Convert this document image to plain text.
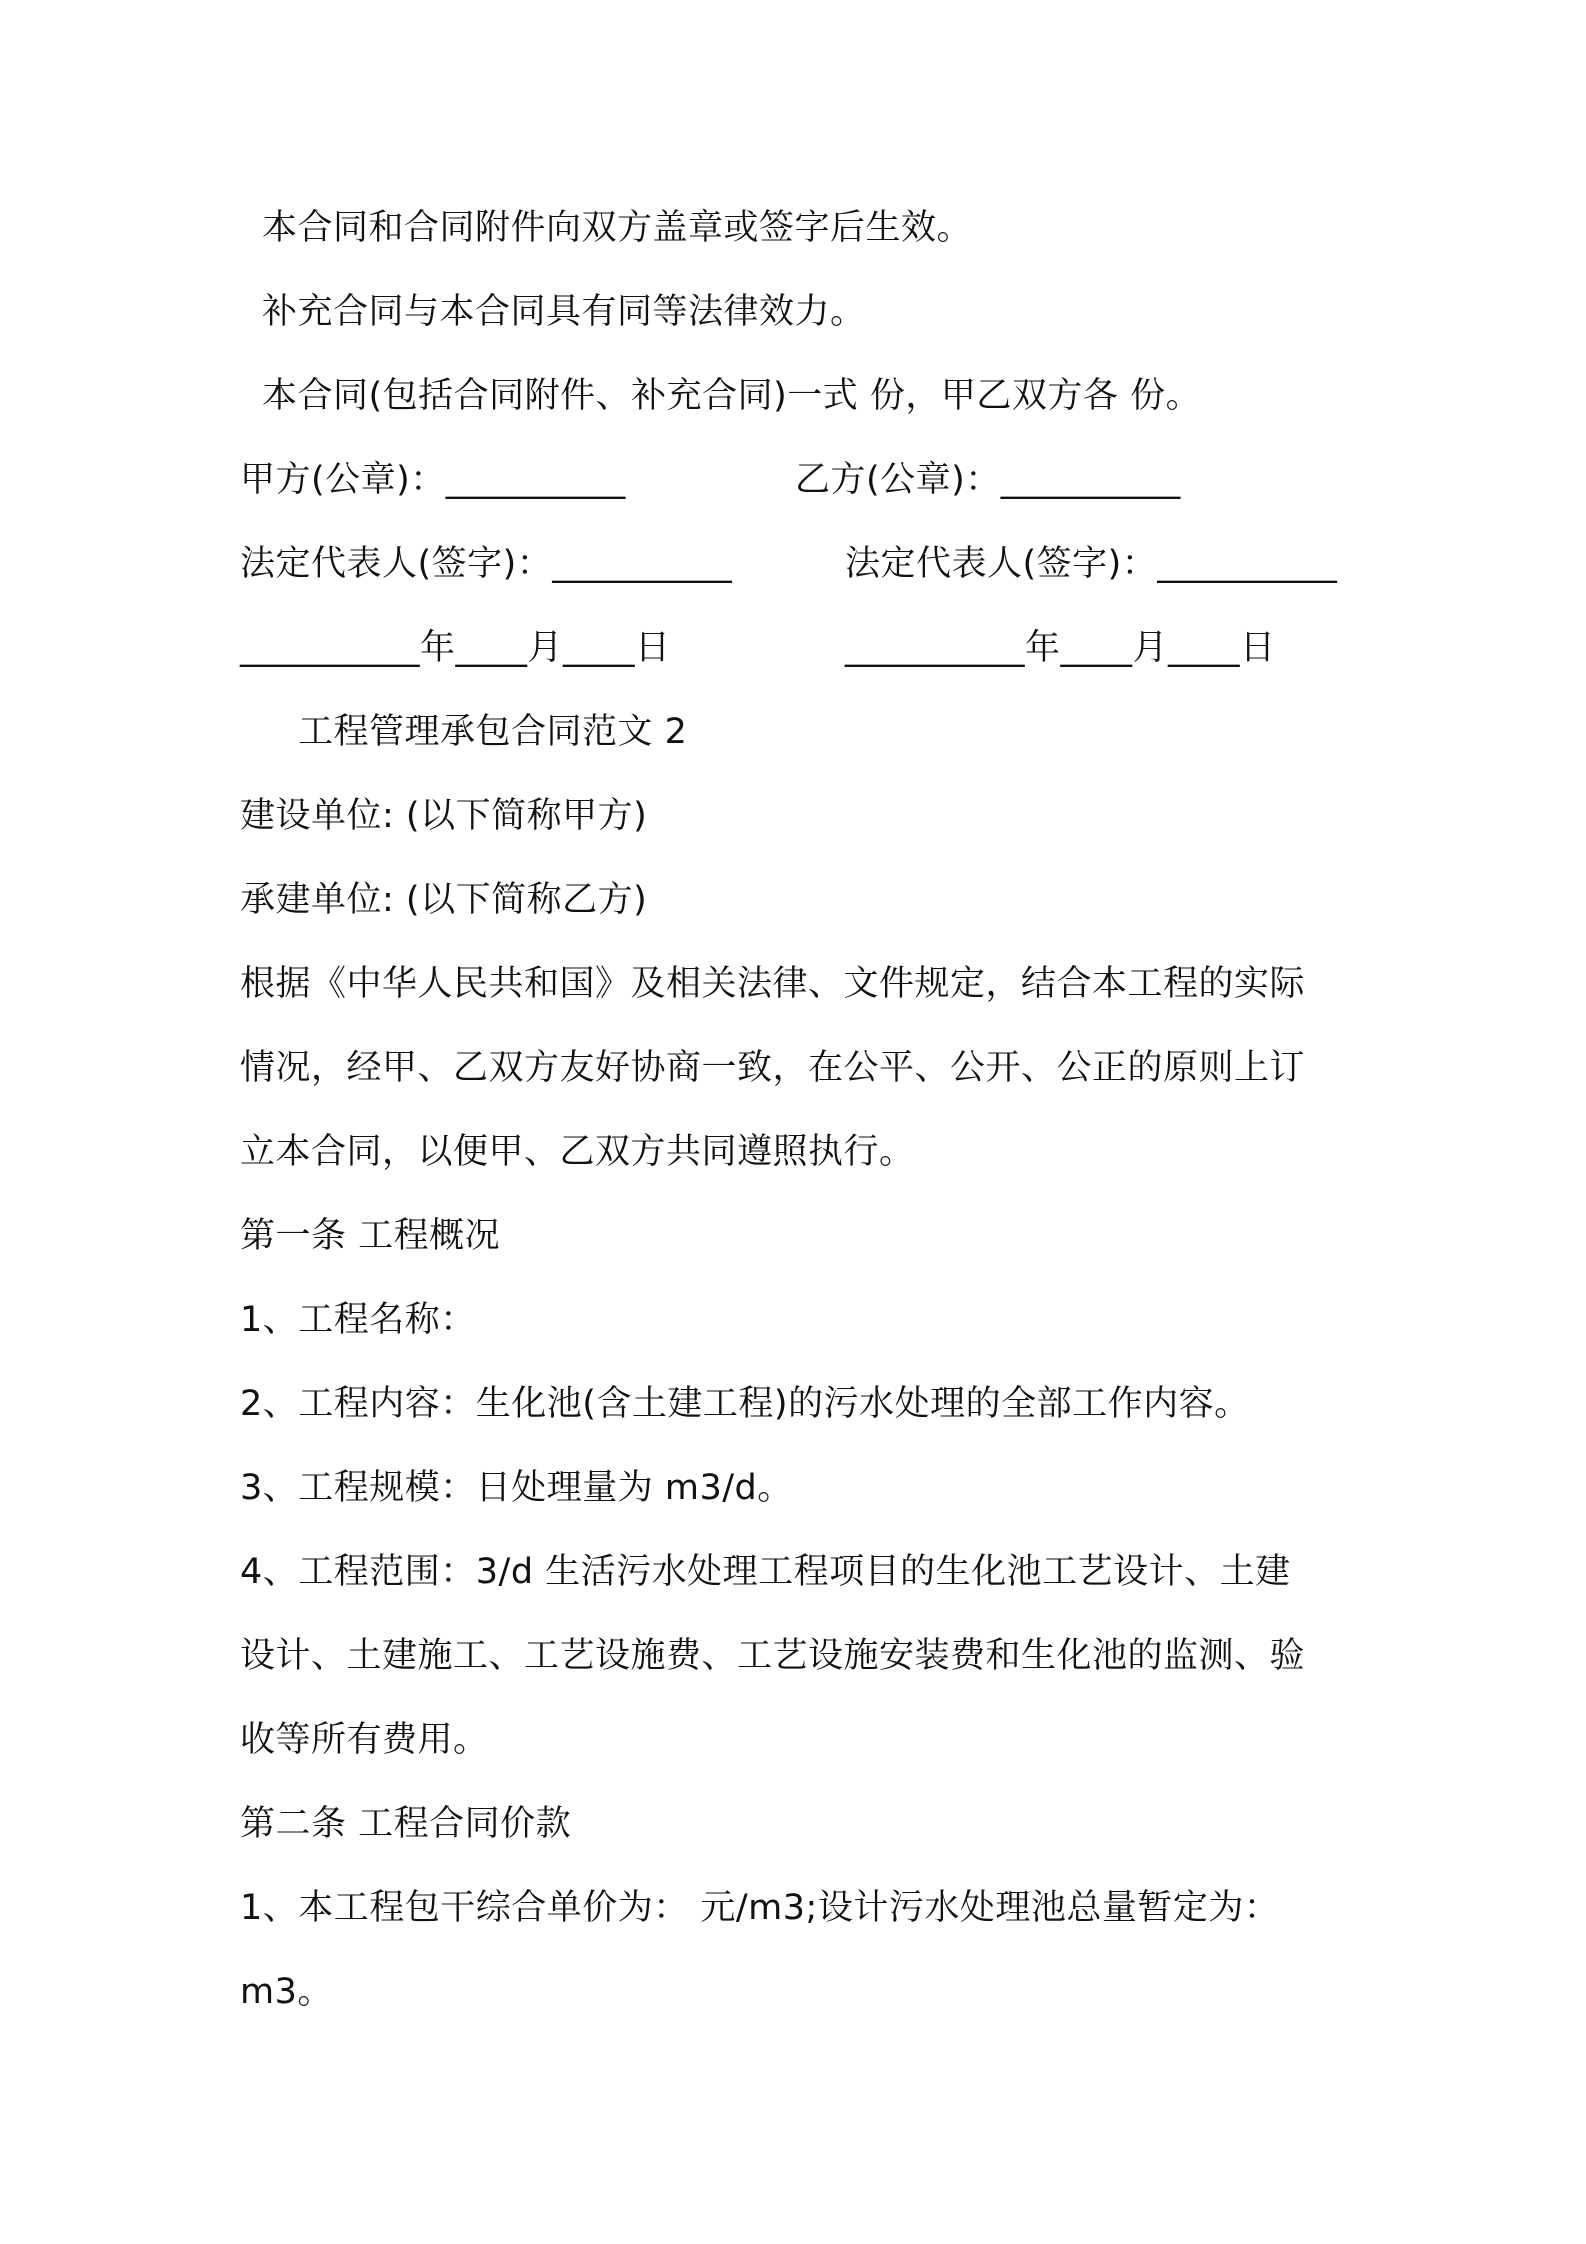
本合同和合同附件向双方盖章或签字后生效。
补充合同与本合同具有同等法律效力。
本合同(包括合同附件、补充合同)一式 份，甲乙双方各 份。
甲方(公章)：__________	乙方(公章)：__________
法定代表人(签字)：__________	法定代表人(签字)：__________
__________年____月____日	__________年____月____日
工程管理承包合同范文 2
建设单位: (以下简称甲方)
承建单位: (以下简称乙方)
根据《中华人民共和国》及相关法律、文件规定，结合本工程的实际
情况，经甲、乙双方友好协商一致，在公平、公开、公正的原则上订
立本合同，以便甲、乙双方共同遵照执行。
第一条 工程概况
1、工程名称：
2、工程内容：生化池(含土建工程)的污水处理的全部工作内容。
3、工程规模：日处理量为 m3/d。
4、工程范围：3/d 生活污水处理工程项目的生化池工艺设计、土建
设计、土建施工、工艺设施费、工艺设施安装费和生化池的监测、验
收等所有费用。
第二条 工程合同价款
1、本工程包干综合单价为： 元/m3;设计污水处理池总量暂定为：
m3。
